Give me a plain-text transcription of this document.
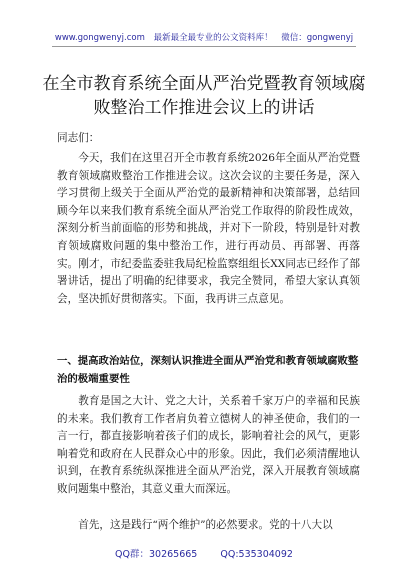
www.gongwenyj.com 最新最全最专业的公文资料库！ 微信：gongwenyj
在全市教育系统全面从严治党暨教育领域腐败整治工作推进会议上的讲话

同志们：

今天，我们在这里召开全市教育系统2026年全面从严治党暨教育领域腐败整治工作推进会议。这次会议的主要任务是，深入学习贯彻上级关于全面从严治党的最新精神和决策部署，总结回顾今年以来我们教育系统全面从严治党工作取得的阶段性成效，深刻分析当前面临的形势和挑战，并对下一阶段，特别是针对教育领域腐败问题的集中整治工作，进行再动员、再部署、再落实。刚才，市纪委监委驻我局纪检监察组组长XX同志已经作了部署讲话，提出了明确的纪律要求，我完全赞同，希望大家认真领会，坚决抓好贯彻落实。下面，我再讲三点意见。

一、提高政治站位，深刻认识推进全面从严治党和教育领域腐败整治的极端重要性

教育是国之大计、党之大计，关系着千家万户的幸福和民族的未来。我们教育工作者肩负着立德树人的神圣使命，我们的一言一行，都直接影响着孩子们的成长，影响着社会的风气，更影响着党和政府在人民群众心中的形象。因此，我们必须清醒地认识到，在教育系统纵深推进全面从严治党，深入开展教育领域腐败问题集中整治，其意义重大而深远。

首先，这是践行“两个维护”的必然要求。党的十八大以

QQ群：30265665 QQ:535304092
